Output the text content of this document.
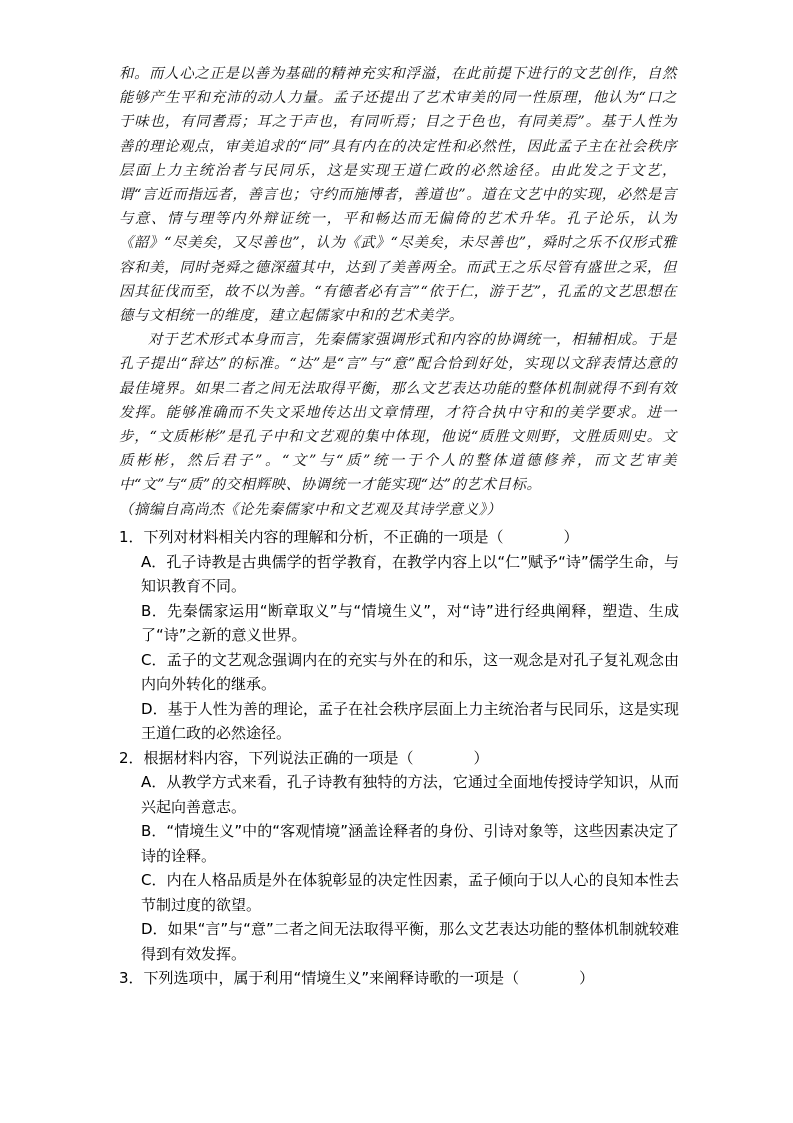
和。而人心之正是以善为基础的精神充实和浮溢，在此前提下进行的文艺创作，自然能够产生平和充沛的动人力量。孟子还提出了艺术审美的同一性原理，他认为“口之于味也，有同耆焉；耳之于声也，有同听焉；目之于色也，有同美焉”。基于人性为善的理论观点，审美追求的“同”具有内在的决定性和必然性，因此孟子主在社会秩序层面上力主统治者与民同乐，这是实现王道仁政的必然途径。由此发之于文艺，谓“言近而指远者，善言也；守约而施博者，善道也”。道在文艺中的实现，必然是言与意、情与理等内外辩证统一，平和畅达而无偏倚的艺术升华。孔子论乐，认为《韶》“尽美矣，又尽善也”，认为《武》“尽美矣，未尽善也”，舜时之乐不仅形式雅容和美，同时尧舜之德深蕴其中，达到了美善两全。而武王之乐尽管有盛世之采，但因其征伐而至，故不以为善。“有德者必有言”“依于仁，游于艺”，孔孟的文艺思想在德与文相统一的维度，建立起儒家中和的艺术美学。

对于艺术形式本身而言，先秦儒家强调形式和内容的协调统一，相辅相成。于是孔子提出“辞达”的标准。“达”是“言”与“意”配合恰到好处，实现以文辞表情达意的最佳境界。如果二者之间无法取得平衡，那么文艺表达功能的整体机制就得不到有效发挥。能够准确而不失文采地传达出文章情理，才符合执中守和的美学要求。进一步，“文质彬彬”是孔子中和文艺观的集中体现，他说“质胜文则野，文胜质则史。文质彬彬，然后君子”。“文”与“质”统一于个人的整体道德修养，而文艺审美中“文”与“质”的交相辉映、协调统一才能实现“达”的艺术目标。

（摘编自高尚杰《论先秦儒家中和文艺观及其诗学意义》）

1．下列对材料相关内容的理解和分析，不正确的一项是（　　　　）

A．孔子诗教是古典儒学的哲学教育，在教学内容上以“仁”赋予“诗”儒学生命，与知识教育不同。

B．先秦儒家运用“断章取义”与“情境生义”，对“诗”进行经典阐释，塑造、生成了“诗”之新的意义世界。

C．孟子的文艺观念强调内在的充实与外在的和乐，这一观念是对孔子复礼观念由内向外转化的继承。

D．基于人性为善的理论，孟子在社会秩序层面上力主统治者与民同乐，这是实现王道仁政的必然途径。

2．根据材料内容，下列说法正确的一项是（　　　　）

A．从教学方式来看，孔子诗教有独特的方法，它通过全面地传授诗学知识，从而兴起向善意志。

B．“情境生义”中的“客观情境”涵盖诠释者的身份、引诗对象等，这些因素决定了诗的诠释。

C．内在人格品质是外在体貌彰显的决定性因素，孟子倾向于以人心的良知本性去节制过度的欲望。

D．如果“言”与“意”二者之间无法取得平衡，那么文艺表达功能的整体机制就较难得到有效发挥。

3．下列选项中，属于利用“情境生义”来阐释诗歌的一项是（　　　　）
